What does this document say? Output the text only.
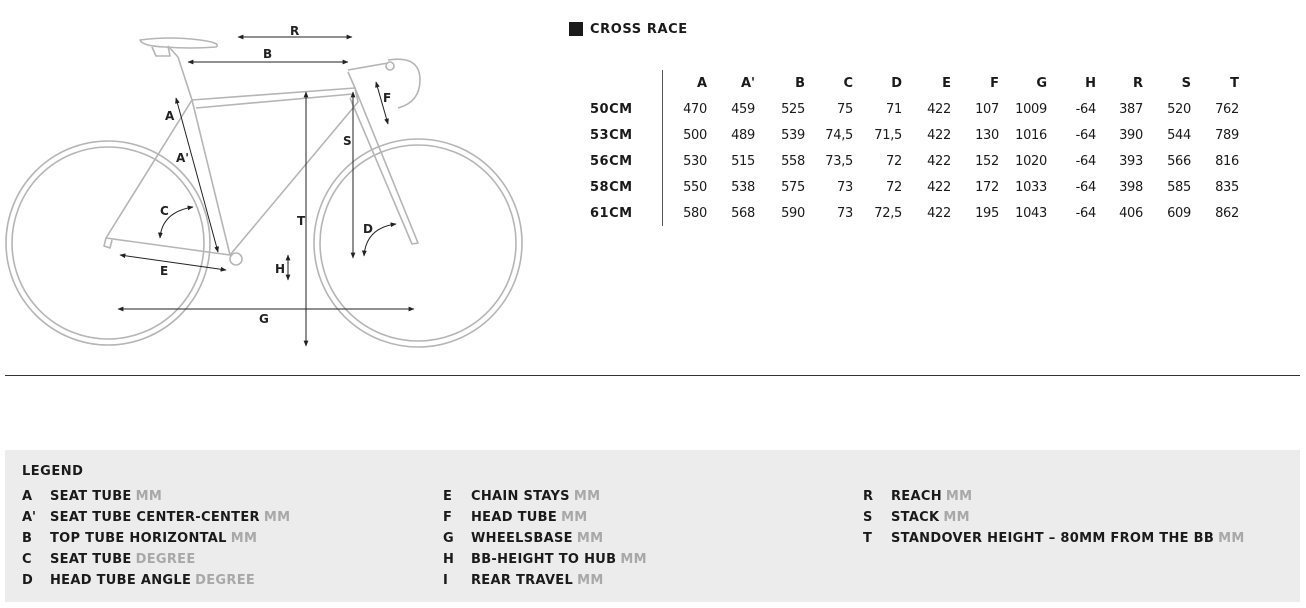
R
B
A
A'
F
S
C
T
D
E	H
G
CROSS RACE
	A	A'	B	C	D	E	F	G	H	R	S	T
50CM	470	459	525	75	71	422	107	1009	-64	387	520	762
53CM	500	489	539	74,5	71,5	422	130	1016	-64	390	544	789
56CM	530	515	558	73,5	72	422	152	1020	-64	393	566	816
58CM	550	538	575	73	72	422	172	1033	-64	398	585	835
61CM	580	568	590	73	72,5	422	195	1043	-64	406	609	862
LEGEND
A	SEAT TUBE MM
A'	SEAT TUBE CENTER-CENTER MM
B	TOP TUBE HORIZONTAL MM
C	SEAT TUBE DEGREE
D	HEAD TUBE ANGLE DEGREE
E	CHAIN STAYS MM
F	HEAD TUBE MM
G	WHEELSBASE MM
H	BB-HEIGHT TO HUB MM
I	REAR TRAVEL MM
R	REACH MM
S	STACK MM
T	STANDOVER HEIGHT – 80MM FROM THE BB MM
